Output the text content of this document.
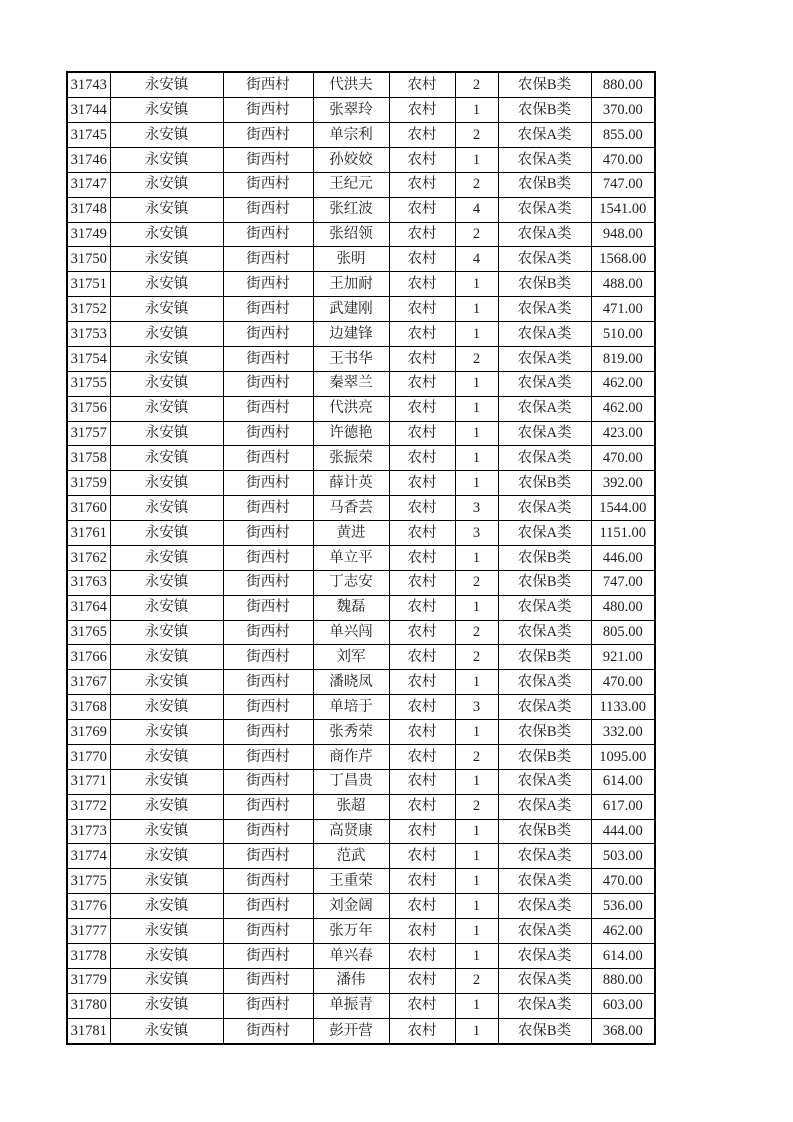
31743	永安镇	街西村	代洪夫	农村	2	农保B类	880.00
31744	永安镇	街西村	张翠玲	农村	1	农保B类	370.00
31745	永安镇	街西村	单宗利	农村	2	农保A类	855.00
31746	永安镇	街西村	孙姣姣	农村	1	农保A类	470.00
31747	永安镇	街西村	王纪元	农村	2	农保B类	747.00
31748	永安镇	街西村	张红波	农村	4	农保A类	1541.00
31749	永安镇	街西村	张绍领	农村	2	农保A类	948.00
31750	永安镇	街西村	张明	农村	4	农保A类	1568.00
31751	永安镇	街西村	王加耐	农村	1	农保B类	488.00
31752	永安镇	街西村	武建刚	农村	1	农保A类	471.00
31753	永安镇	街西村	边建锋	农村	1	农保A类	510.00
31754	永安镇	街西村	王书华	农村	2	农保A类	819.00
31755	永安镇	街西村	秦翠兰	农村	1	农保A类	462.00
31756	永安镇	街西村	代洪亮	农村	1	农保A类	462.00
31757	永安镇	街西村	许德艳	农村	1	农保A类	423.00
31758	永安镇	街西村	张振荣	农村	1	农保A类	470.00
31759	永安镇	街西村	薛计英	农村	1	农保B类	392.00
31760	永安镇	街西村	马香芸	农村	3	农保A类	1544.00
31761	永安镇	街西村	黄进	农村	3	农保A类	1151.00
31762	永安镇	街西村	单立平	农村	1	农保B类	446.00
31763	永安镇	街西村	丁志安	农村	2	农保B类	747.00
31764	永安镇	街西村	魏磊	农村	1	农保A类	480.00
31765	永安镇	街西村	单兴闯	农村	2	农保A类	805.00
31766	永安镇	街西村	刘军	农村	2	农保B类	921.00
31767	永安镇	街西村	潘晓凤	农村	1	农保A类	470.00
31768	永安镇	街西村	单培于	农村	3	农保A类	1133.00
31769	永安镇	街西村	张秀荣	农村	1	农保B类	332.00
31770	永安镇	街西村	商作芹	农村	2	农保B类	1095.00
31771	永安镇	街西村	丁昌贵	农村	1	农保A类	614.00
31772	永安镇	街西村	张超	农村	2	农保A类	617.00
31773	永安镇	街西村	高贤康	农村	1	农保B类	444.00
31774	永安镇	街西村	范武	农村	1	农保A类	503.00
31775	永安镇	街西村	王重荣	农村	1	农保A类	470.00
31776	永安镇	街西村	刘金阔	农村	1	农保A类	536.00
31777	永安镇	街西村	张万年	农村	1	农保A类	462.00
31778	永安镇	街西村	单兴春	农村	1	农保A类	614.00
31779	永安镇	街西村	潘伟	农村	2	农保A类	880.00
31780	永安镇	街西村	单振青	农村	1	农保A类	603.00
31781	永安镇	街西村	彭开营	农村	1	农保B类	368.00
